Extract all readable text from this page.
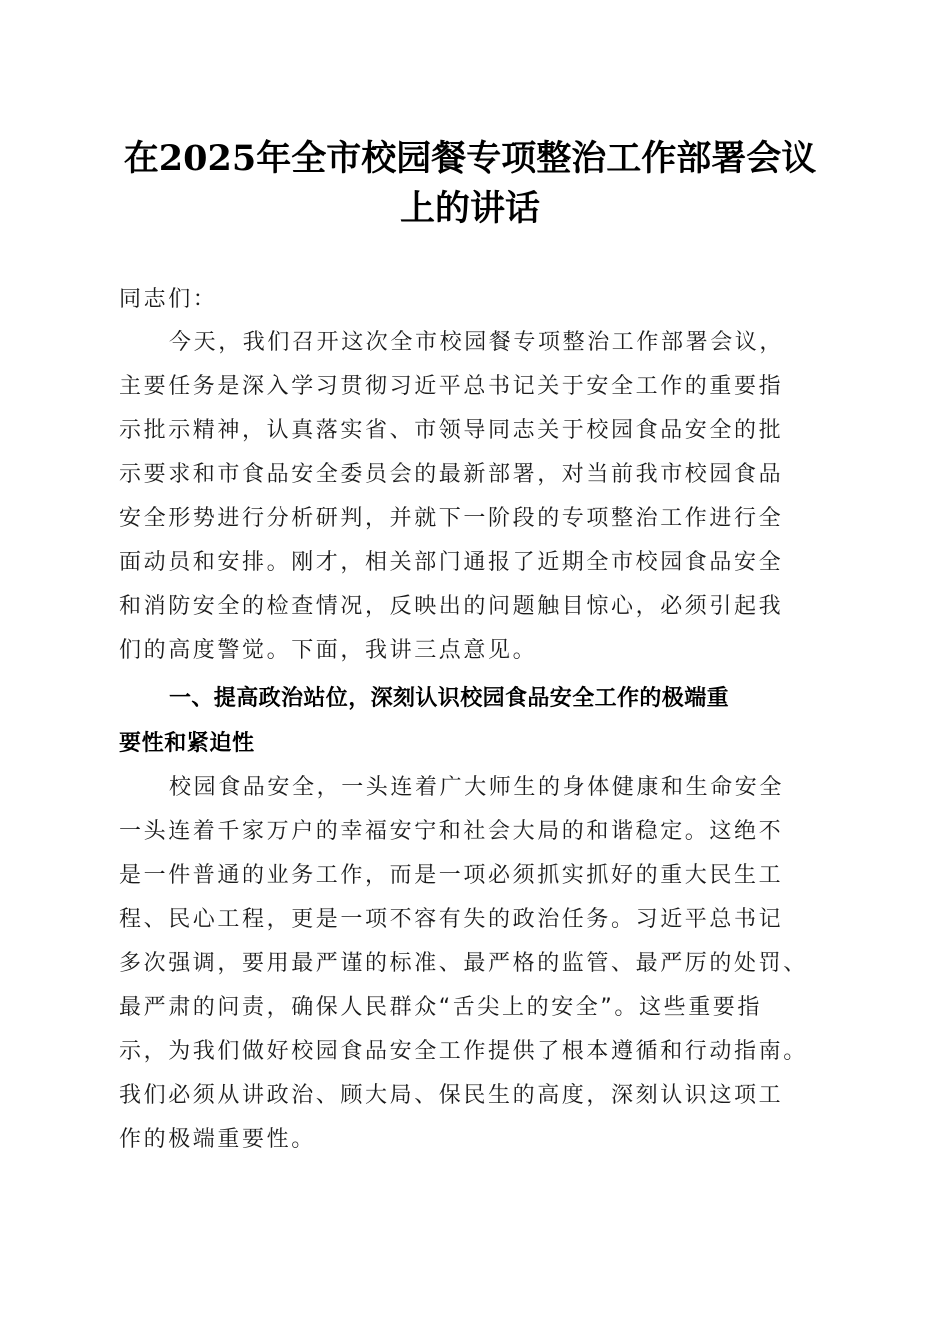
在2025年全市校园餐专项整治工作部署会议
上的讲话
同志们：
今天，我们召开这次全市校园餐专项整治工作部署会议，
主要任务是深入学习贯彻习近平总书记关于安全工作的重要指
示批示精神，认真落实省、市领导同志关于校园食品安全的批
示要求和市食品安全委员会的最新部署，对当前我市校园食品
安全形势进行分析研判，并就下一阶段的专项整治工作进行全
面动员和安排。刚才，相关部门通报了近期全市校园食品安全
和消防安全的检查情况，反映出的问题触目惊心，必须引起我
们的高度警觉。下面，我讲三点意见。
一、提高政治站位，深刻认识校园食品安全工作的极端重
要性和紧迫性
校园食品安全，一头连着广大师生的身体健康和生命安全
一头连着千家万户的幸福安宁和社会大局的和谐稳定。这绝不
是一件普通的业务工作，而是一项必须抓实抓好的重大民生工
程、民心工程，更是一项不容有失的政治任务。习近平总书记
多次强调，要用最严谨的标准、最严格的监管、最严厉的处罚、
最严肃的问责，确保人民群众“舌尖上的安全”。这些重要指
示，为我们做好校园食品安全工作提供了根本遵循和行动指南。
我们必须从讲政治、顾大局、保民生的高度，深刻认识这项工
作的极端重要性。
